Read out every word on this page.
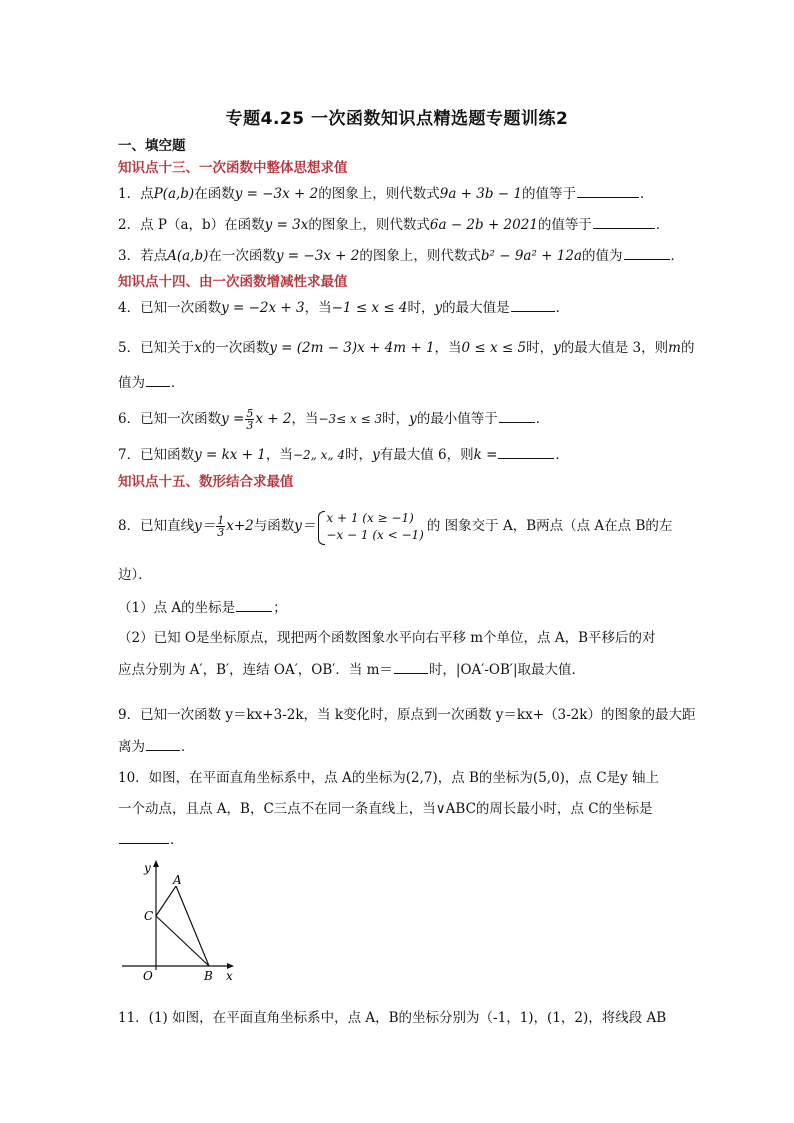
专题4.25 一次函数知识点精选题专题训练2
一、填空题
知识点十三、一次函数中整体思想求值
1．点P(a,b)在函数y = −3x + 2的图象上，则代数式9a + 3b − 1的值等于	．
2．点 P（a，b）在函数y = 3x的图象上，则代数式6a − 2b + 2021的值等于	．
3．若点A(a,b)在一次函数y = −3x + 2的图象上，则代数式b² − 9a² + 12a的值为	．
知识点十四、由一次函数增减性求最值
4．已知一次函数y = −2x + 3，当−1 ≤ x ≤ 4时，y的最大值是	．
5．已知关于x的一次函数y = (2m − 3)x + 4m + 1，当0 ≤ x ≤ 5时，y的最大值是 3，则m的
值为 ．
6．已知一次函数$y = \frac{5}{3}$ x + 2，当−3≤ x ≤ 3时，y的最小值等于	．
7．已知函数y = kx + 1，当−2„ x„ 4时，y有最大值 6，则k =	．
知识点十五、数形结合求最值
8．已知直线$y= \frac{1}{3} x+2$与函数y＝
x + 1 (x ≥ −1)
−x − 1 (x < −1)
的 图象交于 A，B两点（点 A在点 B的左
边）．
（1）点 A的坐标是	；
（2）已知 O是坐标原点，现把两个函数图象水平向右平移 m个单位，点 A，B平移后的对
应点分别为 A′，B′，连结 OA′，OB′．当 m＝	时，|OA′-OB′|取最大值．
9．已知一次函数 y＝kx+3-2k，当 k变化时，原点到一次函数 y＝kx+（3-2k）的图象的最大距
离为	．
10．如图，在平面直角坐标系中，点 A的坐标为(2,7)，点 B的坐标为(5,0)，点 C是y 轴上
一个动点，且点 A，B，C三点不在同一条直线上，当∨ABC的周长最小时，点 C的坐标是
．
y
x
O
A
B
C
11．(1) 如图，在平面直角坐标系中，点 A，B的坐标分别为（-1，1)，(1，2)，将线段 AB
